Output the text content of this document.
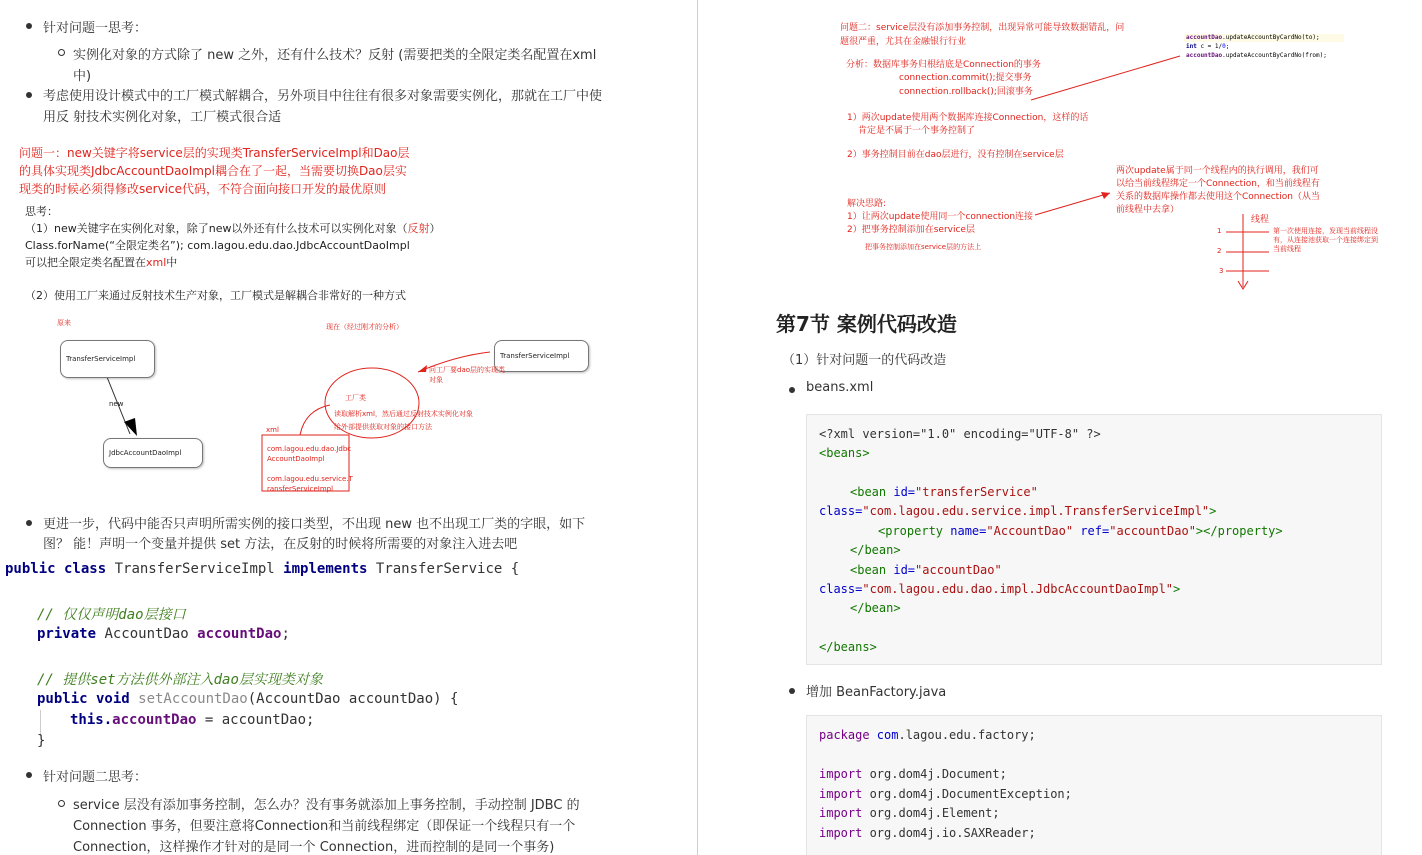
针对问题一思考：
实例化对象的方式除了 new 之外，还有什么技术？反射 (需要把类的全限定类名配置在xml
中)
考虑使用设计模式中的工厂模式解耦合，另外项目中往往有很多对象需要实例化，那就在工厂中使
用反 射技术实例化对象，工厂模式很合适
问题一：new关键字将service层的实现类TransferServiceImpl和Dao层
的具体实现类JdbcAccountDaoImpl耦合在了一起，当需要切换Dao层实
现类的时候必须得修改service代码，不符合面向接口开发的最优原则
思考：
（1）new关键字在实例化对象，除了new以外还有什么技术可以实例化对象（反射）
Class.forName(“全限定类名”); com.lagou.edu.dao.JdbcAccountDaoImpl
可以把全限定类名配置在xml中
（2）使用工厂来通过反射技术生产对象，工厂模式是解耦合非常好的一种方式
原来	现在（经过刚才的分析）
TransferServiceImpl
new
JdbcAccountDaoImpl
TransferServiceImpl
工厂类
问工厂要dao层的实现类
对象
读取解析xml，然后通过反射技术实例化对象
给外部提供获取对象的接口方法
xml
com.lagou.edu.dao.Jdbc
AccountDaoImpl
com.lagou.edu.service.T
ransferServiceImpl
更进一步，代码中能否只声明所需实例的接口类型，不出现 new 也不出现工厂类的字眼，如下
图？ 能！声明一个变量并提供 set 方法，在反射的时候将所需要的对象注入进去吧
public class TransferServiceImpl implements TransferService {
// 仅仅声明dao层接口
private AccountDao accountDao;
// 提供set方法供外部注入dao层实现类对象
public void setAccountDao(AccountDao accountDao) {
this.accountDao = accountDao;
}
针对问题二思考：
service 层没有添加事务控制，怎么办？没有事务就添加上事务控制，手动控制 JDBC 的
Connection 事务，但要注意将Connection和当前线程绑定（即保证一个线程只有一个
Connection，这样操作才针对的是同一个 Connection，进而控制的是同一个事务)
问题二：service层没有添加事务控制，出现异常可能导致数据错乱，问
题很严重，尤其在金融银行行业
分析：数据库事务归根结底是Connection的事务
connection.commit();提交事务
connection.rollback();回滚事务
1）两次update使用两个数据库连接Connection，这样的话
肯定是不属于一个事务控制了
2）事务控制目前在dao层进行，没有控制在service层
解决思路:
1）让两次update使用同一个connection连接
2）把事务控制添加在service层
把事务控制添加在service层的方法上
两次update属于同一个线程内的执行调用，我们可
以给当前线程绑定一个Connection，和当前线程有
关系的数据库操作都去使用这个Connection（从当
前线程中去拿）
线程
1
2
3
第一次使用连接，发现当前线程没
有，从连接池获取一个连接绑定到
当前线程
accountDao.updateAccountByCardNo(to);
int c = 1/0;
accountDao.updateAccountByCardNo(from);
第7节 案例代码改造
（1）针对问题一的代码改造
beans.xml
<?xml version="1.0" encoding="UTF-8" ?>
<beans>
<bean id="transferService"
class="com.lagou.edu.service.impl.TransferServiceImpl">
<property name="AccountDao" ref="accountDao"></property>
</bean>
<bean id="accountDao"
class="com.lagou.edu.dao.impl.JdbcAccountDaoImpl">
</bean>
</beans>
增加 BeanFactory.java
package com.lagou.edu.factory;
import org.dom4j.Document;
import org.dom4j.DocumentException;
import org.dom4j.Element;
import org.dom4j.io.SAXReader;
